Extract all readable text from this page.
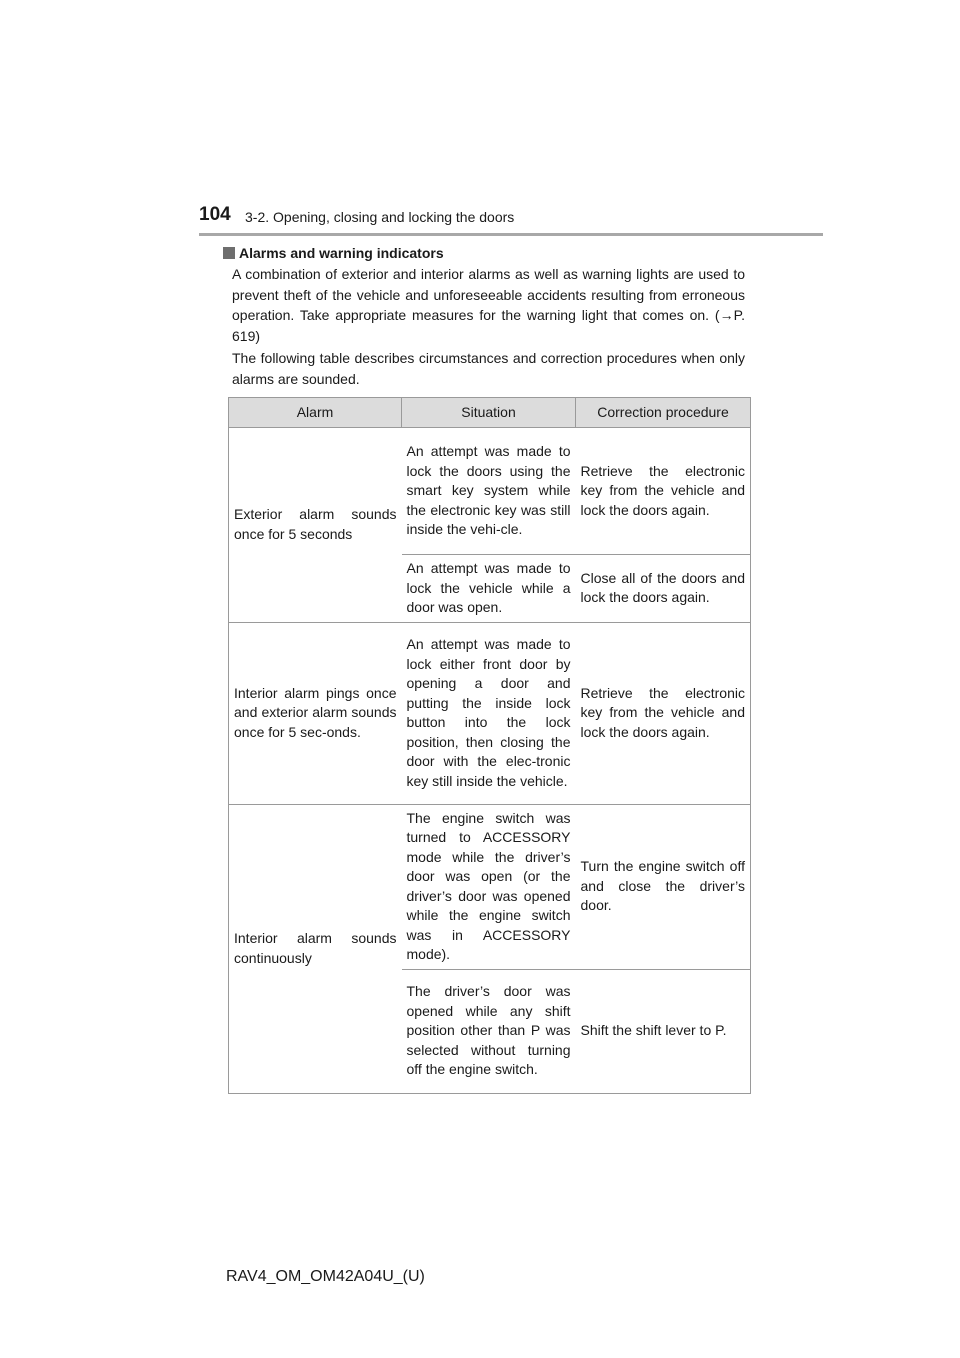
104 3-2. Opening, closing and locking the doors
Alarms and warning indicators
A combination of exterior and interior alarms as well as warning lights are used to prevent theft of the vehicle and unforeseeable accidents resulting from erroneous operation. Take appropriate measures for the warning light that comes on. (→P. 619)
The following table describes circumstances and correction procedures when only alarms are sounded.
Alarm	Situation	Correction procedure
Exterior alarm sounds once for 5 seconds	An attempt was made to lock the doors using the smart key system while the electronic key was still inside the vehi-cle.	Retrieve the electronic key from the vehicle and lock the doors again.
	An attempt was made to lock the vehicle while a door was open.	Close all of the doors and lock the doors again.
Interior alarm pings once and exterior alarm sounds once for 5 sec-onds.	An attempt was made to lock either front door by opening a door and putting the inside lock button into the lock position, then closing the door with the elec-tronic key still inside the vehicle.	Retrieve the electronic key from the vehicle and lock the doors again.
Interior alarm sounds continuously	The engine switch was turned to ACCESSORY mode while the driver’s door was open (or the driver’s door was opened while the engine switch was in ACCESSORY mode).	Turn the engine switch off and close the driver’s door.
	The driver’s door was opened while any shift position other than P was selected without turning off the engine switch.	Shift the shift lever to P.
RAV4_OM_OM42A04U_(U)
